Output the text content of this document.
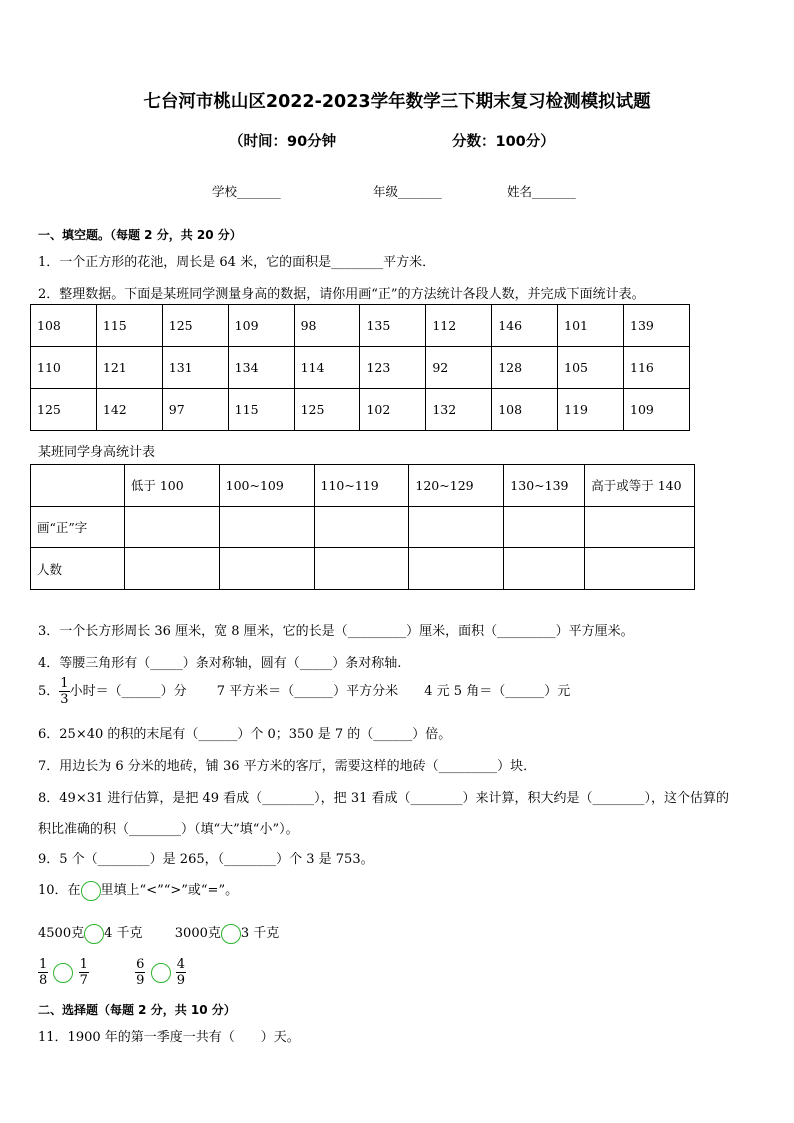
七台河市桃山区2022-2023学年数学三下期末复习检测模拟试题
（时间：90分钟	分数：100分）
学校_______	年级_______	姓名_______
一、填空题。（每题 2 分，共 20 分）
1．一个正方形的花池，周长是 64 米，它的面积是________平方米．
2．整理数据。下面是某班同学测量身高的数据，请你用画“正”的方法统计各段人数，并完成下面统计表。
108	115	125	109	98	135	112	146	101	139
110	121	131	134	114	123	92	128	105	116
125	142	97	115	125	102	132	108	119	109
某班同学身高统计表
	低于 100	100~109	110~119	120~129	130~139	高于或等于 140
画“正”字						
人数						
3．一个长方形周长 36 厘米，宽 8 厘米，它的长是（_________）厘米，面积（_________）平方厘米。
4．等腰三角形有（_____）条对称轴，圆有（_____）条对称轴.
5． $\frac{1}{3}$ 小时＝（______）分 7 平方米＝（______）平方分米 4 元 5 角＝（______）元
6．25×40 的积的末尾有（______）个 0；350 是 7 的（______）倍。
7．用边长为 6 分米的地砖，铺 36 平方米的客厅，需要这样的地砖（_________）块．
8．49×31 进行估算，是把 49 看成（________），把 31 看成（________）来计算，积大约是（________），这个估算的
积比准确的积（________）（填“大”填“小”）。
9．5 个（________）是 265，（________）个 3 是 753。
10．在 里填上“<”“>”或“=”。
4500克 4 千克 3000克 3 千克
$\frac{1}{8}$
$\frac{1}{7}$
	$\frac{6}{9}$
$\frac{4}{9}$
二、选择题（每题 2 分，共 10 分）
11．1900 年的第一季度一共有（　　）天。
